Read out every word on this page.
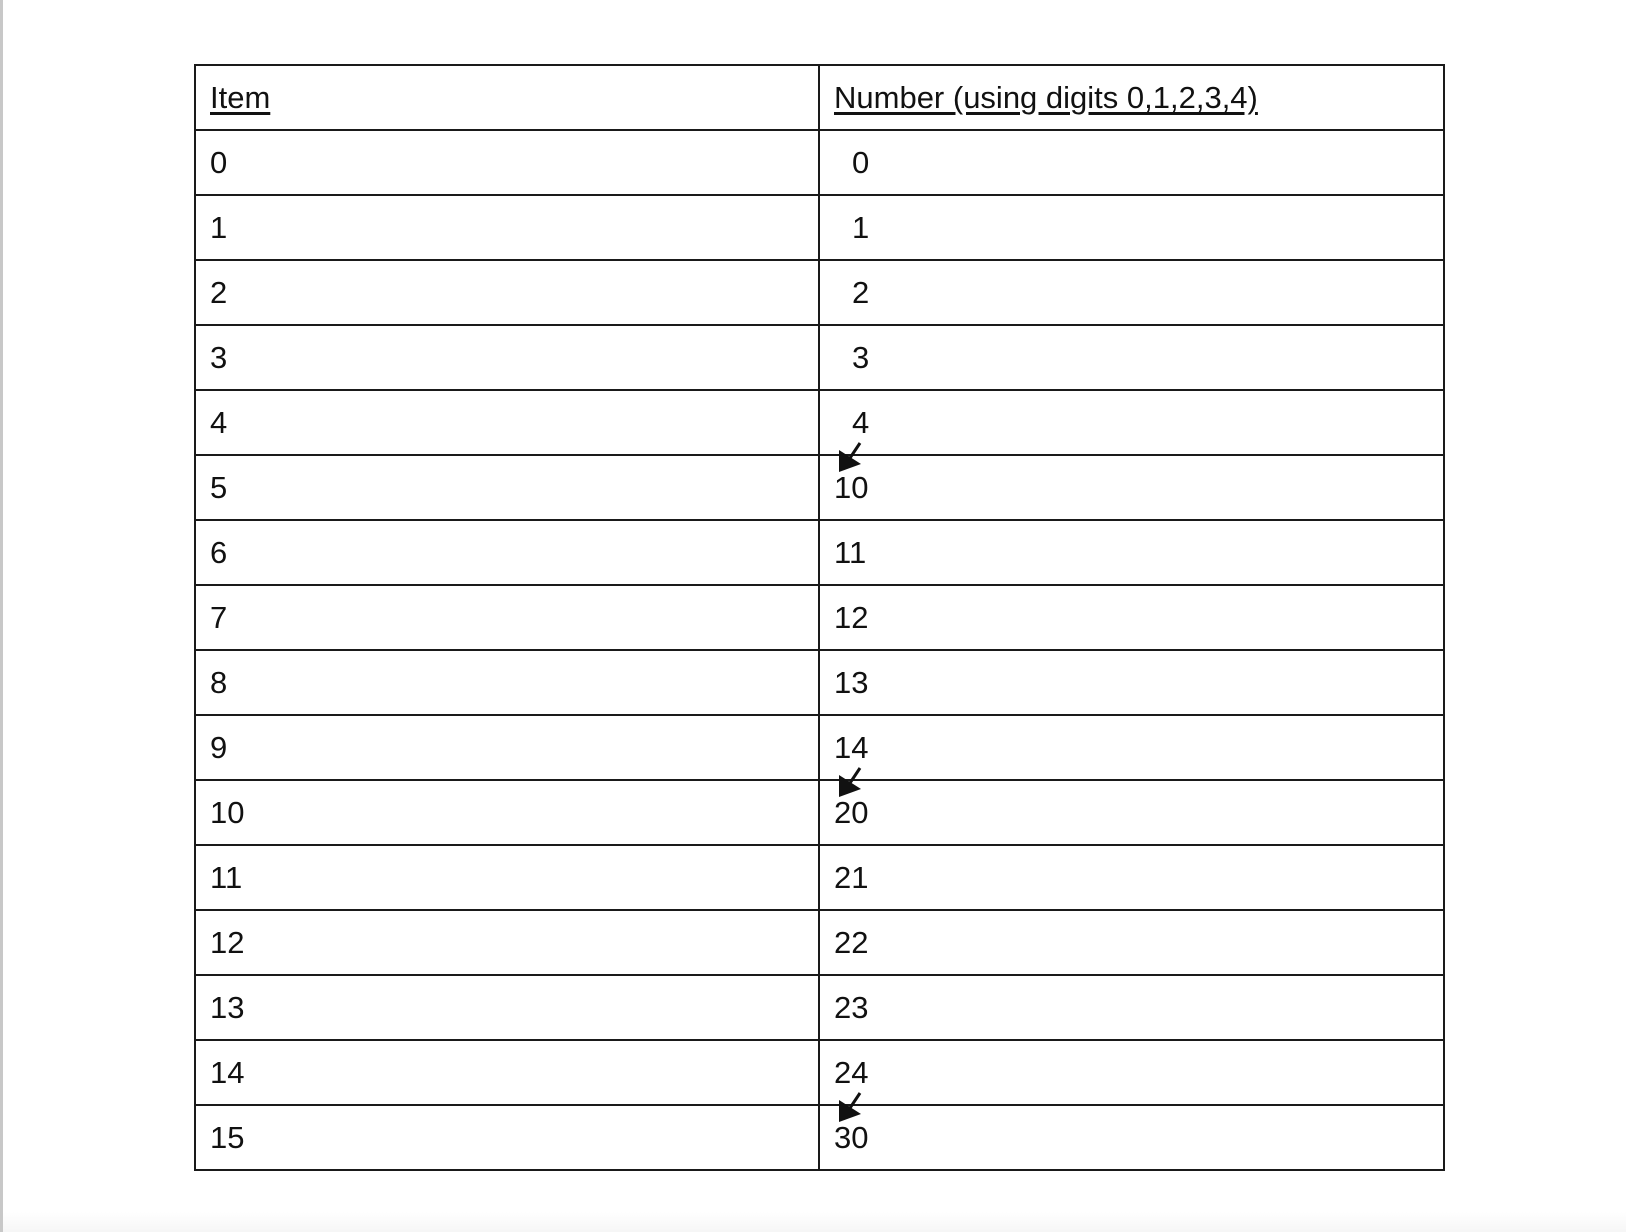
Item	Number (using digits 0,1,2,3,4)
0	0
1	1
2	2
3	3
4	4
5	10
6	11
7	12
8	13
9	14
10	20
11	21
12	22
13	23
14	24
15	30
